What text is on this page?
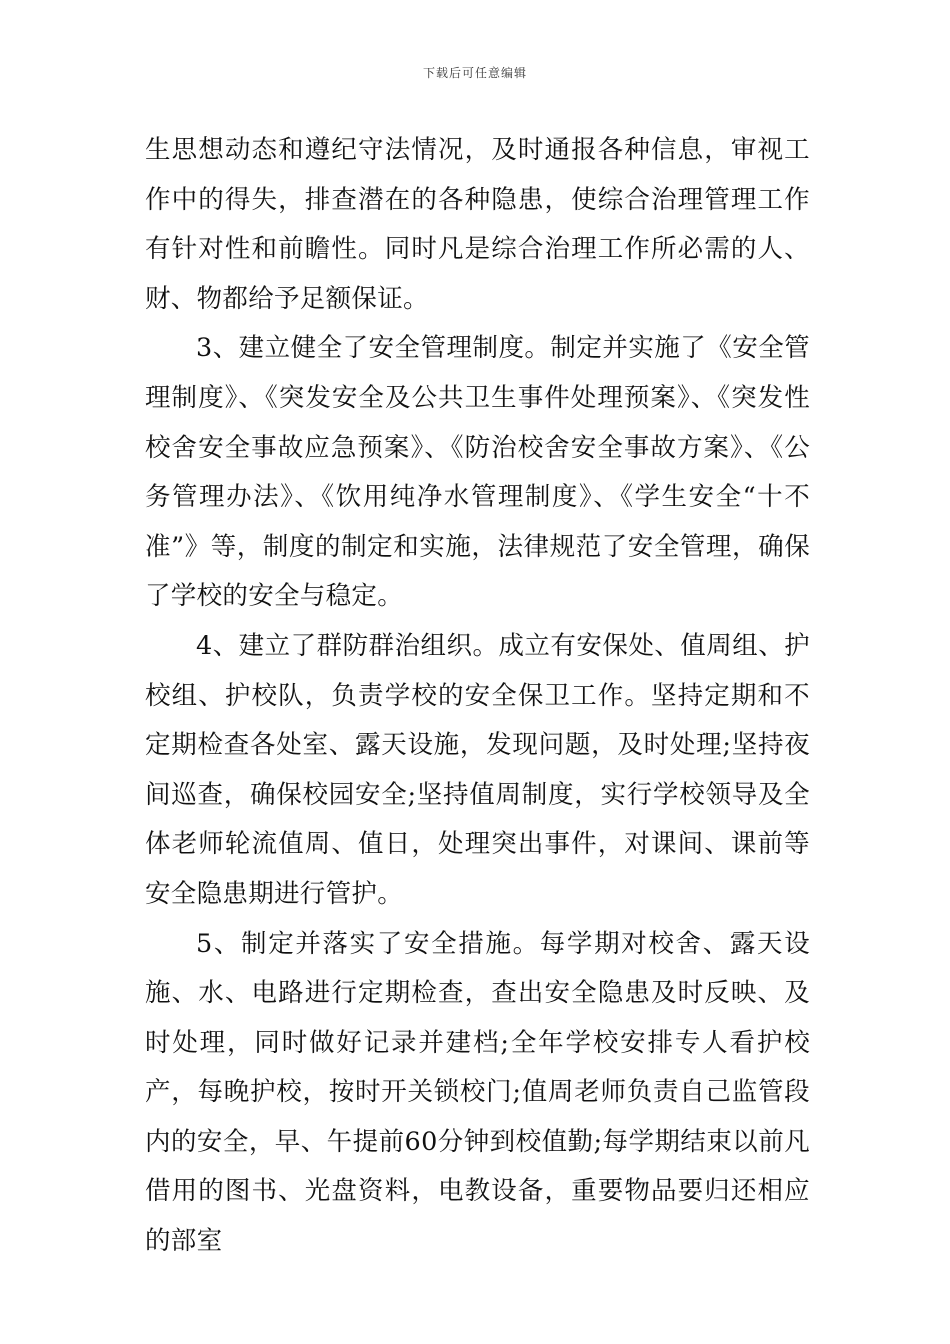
下载后可任意编辑

生思想动态和遵纪守法情况，及时通报各种信息，审视工作中的得失，排查潜在的各种隐患，使综合治理管理工作有针对性和前瞻性。同时凡是综合治理工作所必需的人、财、物都给予足额保证。

3、建立健全了安全管理制度。制定并实施了《安全管理制度》、《突发安全及公共卫生事件处理预案》、《突发性校舍安全事故应急预案》、《防治校舍安全事故方案》、《公务管理办法》、《饮用纯净水管理制度》、《学生安全“十不准”》等，制度的制定和实施，法律规范了安全管理，确保了学校的安全与稳定。

4、建立了群防群治组织。成立有安保处、值周组、护校组、护校队，负责学校的安全保卫工作。坚持定期和不定期检查各处室、露天设施，发现问题，及时处理;坚持夜间巡查，确保校园安全;坚持值周制度，实行学校领导及全体老师轮流值周、值日，处理突出事件，对课间、课前等安全隐患期进行管护。

5、制定并落实了安全措施。每学期对校舍、露天设施、水、电路进行定期检查，查出安全隐患及时反映、及时处理，同时做好记录并建档;全年学校安排专人看护校产，每晚护校，按时开关锁校门;值周老师负责自己监管段内的安全，早、午提前60分钟到校值勤;每学期结束以前凡借用的图书、光盘资料，电教设备，重要物品要归还相应的部室
